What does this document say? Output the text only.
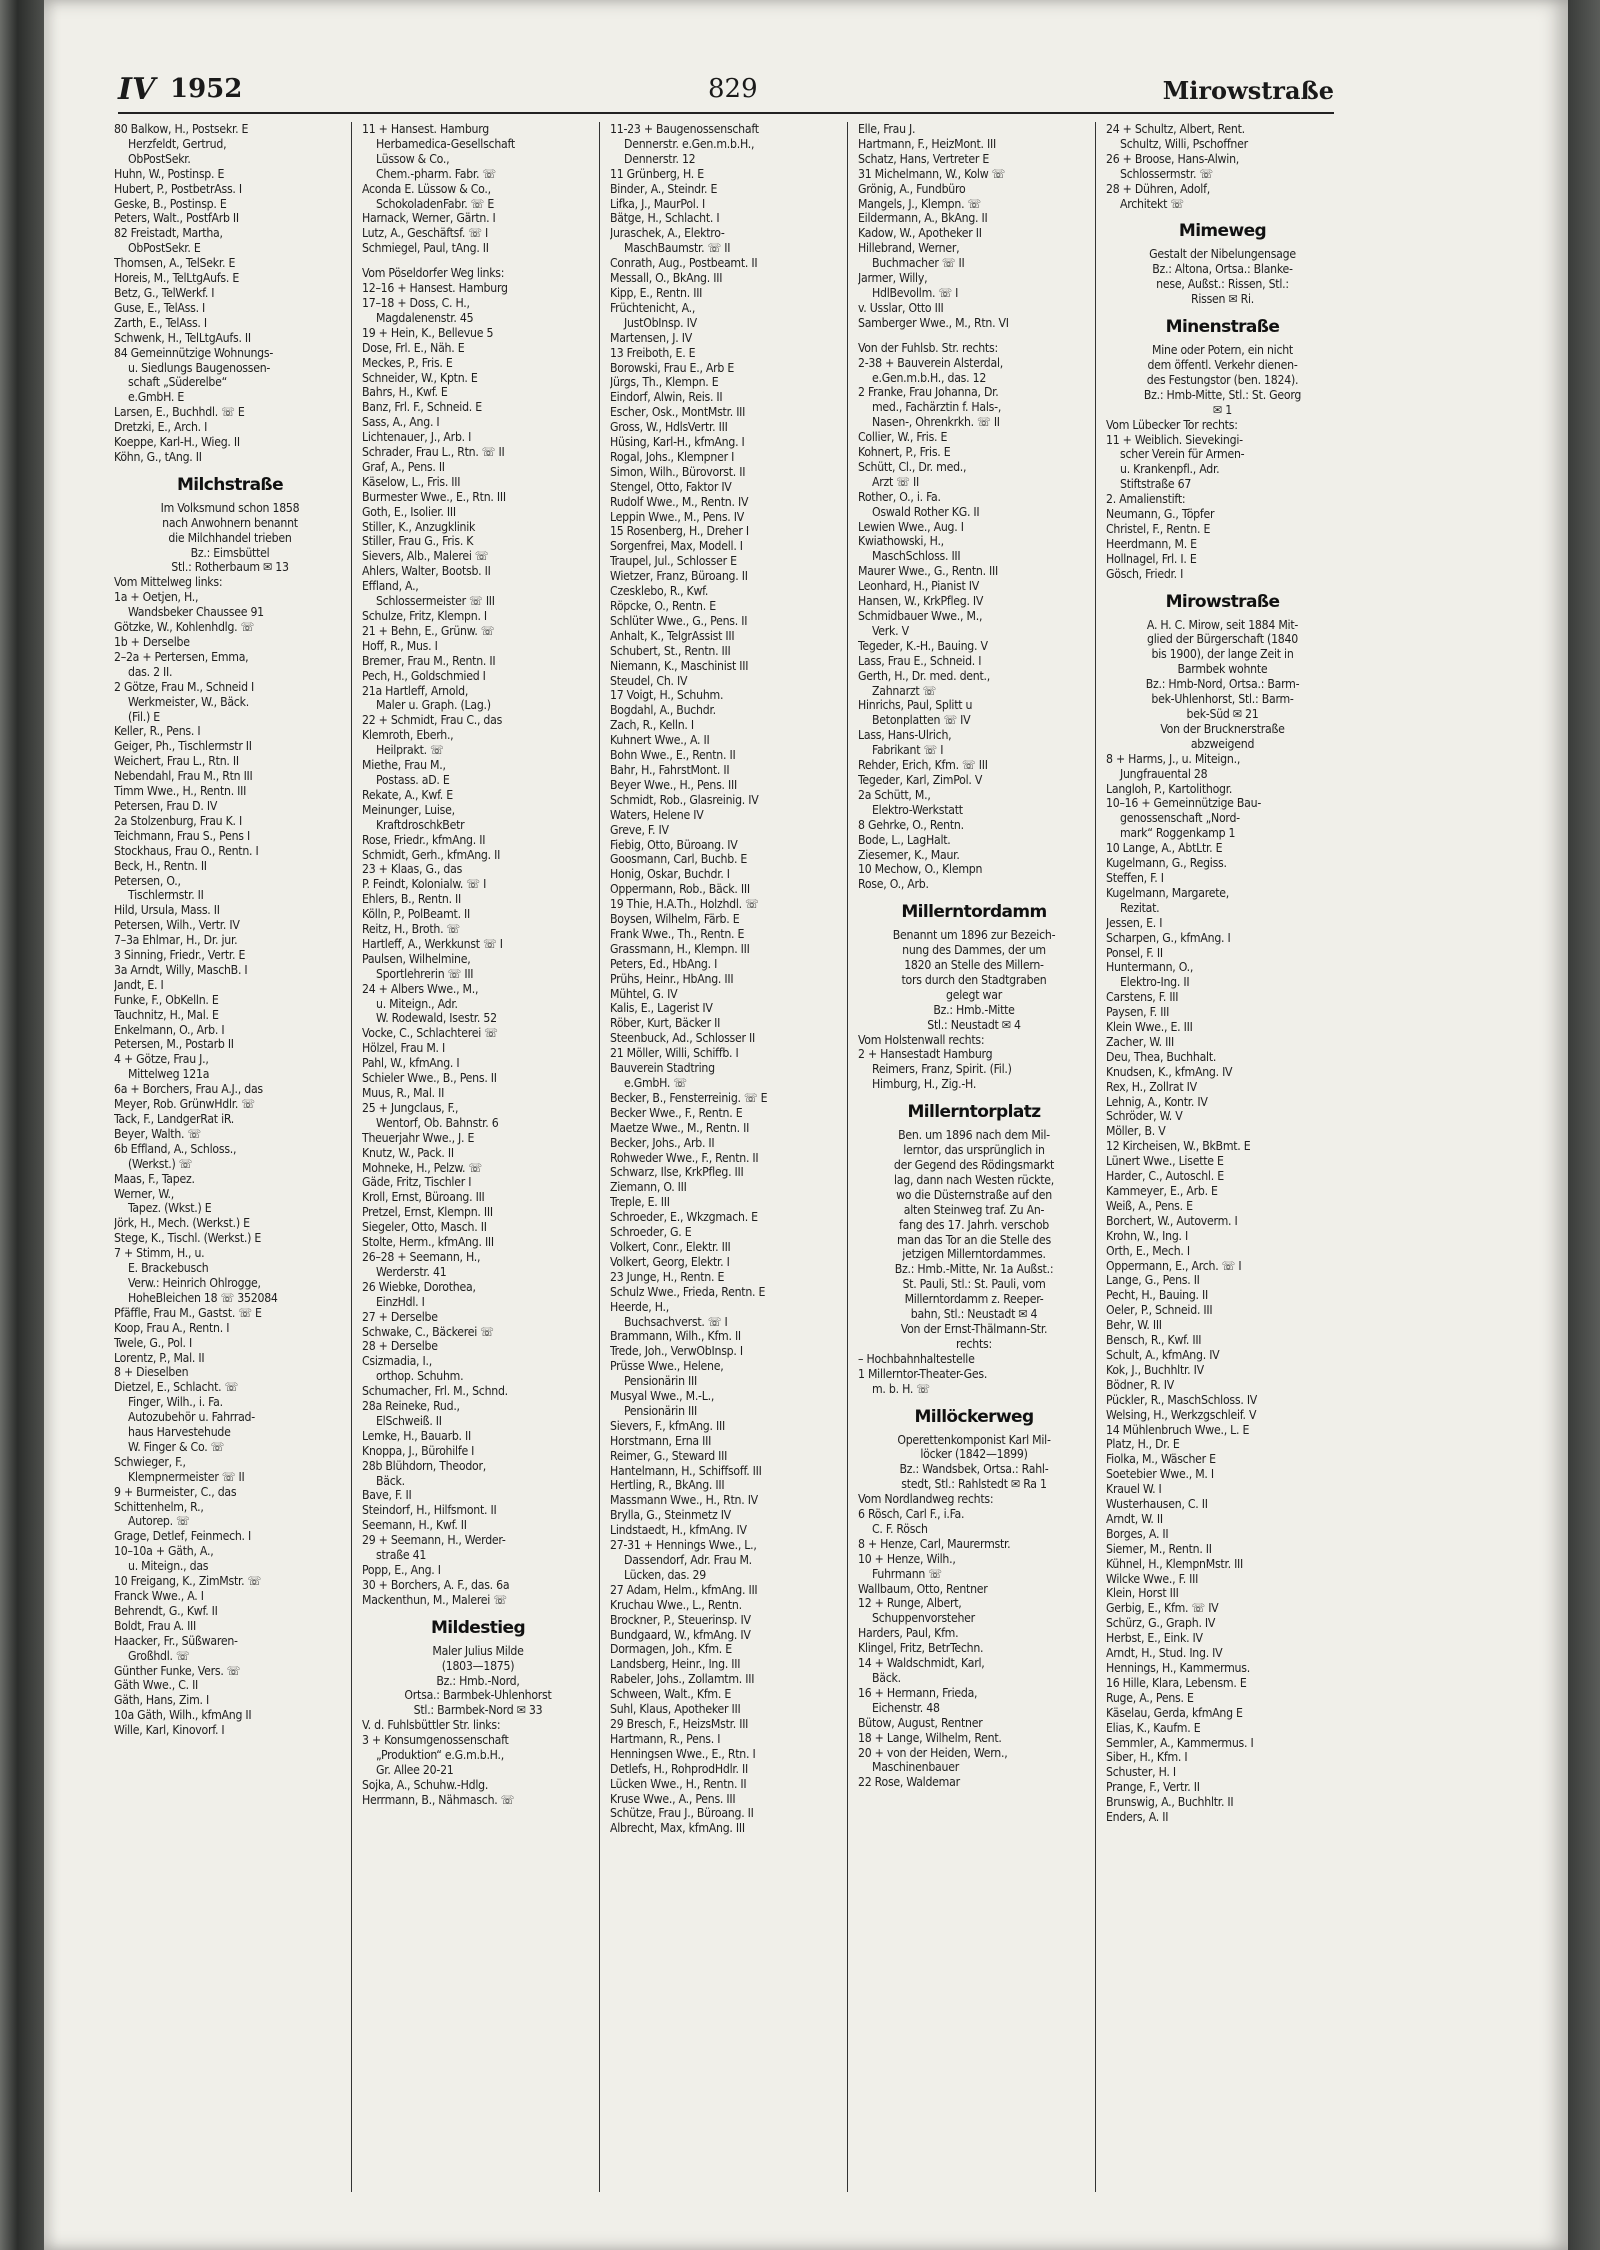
IV 1952	829	Mirowstraße
80 Balkow, H., Postsekr. E
Herzfeldt, Gertrud,
ObPostSekr.
Huhn, W., Postinsp. E
Hubert, P., PostbetrAss. I
Geske, B., Postinsp. E
Peters, Walt., PostfArb II
82 Freistadt, Martha,
ObPostSekr. E
Thomsen, A., TelSekr. E
Horeis, M., TelLtgAufs. E
Betz, G., TelWerkf. I
Guse, E., TelAss. I
Zarth, E., TelAss. I
Schwenk, H., TelLtgAufs. II
84 Gemeinnützige Wohnungs-
u. Siedlungs Baugenossen-
schaft „Süderelbe“
e.GmbH. E
Larsen, E., Buchhdl. ☏ E
Dretzki, E., Arch. I
Koeppe, Karl-H., Wieg. II
Köhn, G., tAng. II
Milchstraße
Im Volksmund schon 1858
nach Anwohnern benannt
die Milchhandel trieben
Bz.: Eimsbüttel
Stl.: Rotherbaum ✉ 13
Vom Mittelweg links:
1a + Oetjen, H.,
Wandsbeker Chaussee 91
Götzke, W., Kohlenhdlg. ☏
1b + Derselbe
2–2a + Pertersen, Emma,
das. 2 II.
2 Götze, Frau M., Schneid I
Werkmeister, W., Bäck.
(Fil.) E
Keller, R., Pens. I
Geiger, Ph., Tischlermstr II
Weichert, Frau L., Rtn. II
Nebendahl, Frau M., Rtn III
Timm Wwe., H., Rentn. III
Petersen, Frau D. IV
2a Stolzenburg, Frau K. I
Teichmann, Frau S., Pens I
Stockhaus, Frau O., Rentn. I
Beck, H., Rentn. II
Petersen, O.,
Tischlermstr. II
Hild, Ursula, Mass. II
Petersen, Wilh., Vertr. IV
7–3a Ehlmar, H., Dr. jur.
3 Sinning, Friedr., Vertr. E
3a Arndt, Willy, MaschB. I
Jandt, E. I
Funke, F., ObKelln. E
Tauchnitz, H., Mal. E
Enkelmann, O., Arb. I
Petersen, M., Postarb II
4 + Götze, Frau J.,
Mittelweg 121a
6a + Borchers, Frau A.J., das
Meyer, Rob. GrünwHdlr. ☏
Tack, F., LandgerRat iR.
Beyer, Walth. ☏
6b Effland, A., Schloss.,
(Werkst.) ☏
Maas, F., Tapez.
Werner, W.,
Tapez. (Wkst.) E
Jörk, H., Mech. (Werkst.) E
Stege, K., Tischl. (Werkst.) E
7 + Stimm, H., u.
E. Brackebusch
Verw.: Heinrich Ohlrogge,
HoheBleichen 18 ☏ 352084
Pfäffle, Frau M., Gastst. ☏ E
Koop, Frau A., Rentn. I
Twele, G., Pol. I
Lorentz, P., Mal. II
8 + Dieselben
Dietzel, E., Schlacht. ☏
Finger, Wilh., i. Fa.
Autozubehör u. Fahrrad-
haus Harvestehude
W. Finger & Co. ☏
Schwieger, F.,
Klempnermeister ☏ II
9 + Burmeister, C., das
Schittenhelm, R.,
Autorep. ☏
Grage, Detlef, Feinmech. I
10–10a + Gäth, A.,
u. Miteign., das
10 Freigang, K., ZimMstr. ☏
Franck Wwe., A. I
Behrendt, G., Kwf. II
Boldt, Frau A. III
Haacker, Fr., Süßwaren-
Großhdl. ☏
Günther Funke, Vers. ☏
Gäth Wwe., C. II
Gäth, Hans, Zim. I
10a Gäth, Wilh., kfmAng II
Wille, Karl, Kinovorf. I
11 + Hansest. Hamburg
Herbamedica-Gesellschaft
Lüssow & Co.,
Chem.-pharm. Fabr. ☏
Aconda E. Lüssow & Co.,
SchokoladenFabr. ☏ E
Harnack, Werner, Gärtn. I
Lutz, A., Geschäftsf. ☏ I
Schmiegel, Paul, tAng. II
Vom Pöseldorfer Weg links:
12–16 + Hansest. Hamburg
17–18 + Doss, C. H.,
Magdalenenstr. 45
19 + Hein, K., Bellevue 5
Dose, Frl. E., Näh. E
Meckes, P., Fris. E
Schneider, W., Kptn. E
Bahrs, H., Kwf. E
Banz, Frl. F., Schneid. E
Sass, A., Ang. I
Lichtenauer, J., Arb. I
Schrader, Frau L., Rtn. ☏ II
Graf, A., Pens. II
Käselow, L., Fris. III
Burmester Wwe., E., Rtn. III
Goth, E., Isolier. III
Stiller, K., Anzugklinik
Stiller, Frau G., Fris. K
Sievers, Alb., Malerei ☏
Ahlers, Walter, Bootsb. II
Effland, A.,
Schlossermeister ☏ III
Schulze, Fritz, Klempn. I
21 + Behn, E., Grünw. ☏
Hoff, R., Mus. I
Bremer, Frau M., Rentn. II
Pech, H., Goldschmied I
21a Hartleff, Arnold,
Maler u. Graph. (Lag.)
22 + Schmidt, Frau C., das
Klemroth, Eberh.,
Heilprakt. ☏
Miethe, Frau M.,
Postass. aD. E
Rekate, A., Kwf. E
Meinunger, Luise,
KraftdroschkBetr
Rose, Friedr., kfmAng. II
Schmidt, Gerh., kfmAng. II
23 + Klaas, G., das
P. Feindt, Kolonialw. ☏ I
Ehlers, B., Rentn. II
Kölln, P., PolBeamt. II
Reitz, H., Broth. ☏
Hartleff, A., Werkkunst ☏ I
Paulsen, Wilhelmine,
Sportlehrerin ☏ III
24 + Albers Wwe., M.,
u. Miteign., Adr.
W. Rodewald, Isestr. 52
Vocke, C., Schlachterei ☏
Hölzel, Frau M. I
Pahl, W., kfmAng. I
Schieler Wwe., B., Pens. II
Muus, R., Mal. II
25 + Jungclaus, F.,
Wentorf, Ob. Bahnstr. 6
Theuerjahr Wwe., J. E
Knutz, W., Pack. II
Mohneke, H., Pelzw. ☏
Gäde, Fritz, Tischler I
Kroll, Ernst, Büroang. III
Pretzel, Ernst, Klempn. III
Siegeler, Otto, Masch. II
Stolte, Herm., kfmAng. III
26–28 + Seemann, H.,
Werderstr. 41
26 Wiebke, Dorothea,
EinzHdl. I
27 + Derselbe
Schwake, C., Bäckerei ☏
28 + Derselbe
Csizmadia, I.,
orthop. Schuhm.
Schumacher, Frl. M., Schnd.
28a Reineke, Rud.,
ElSchweiß. II
Lemke, H., Bauarb. II
Knoppa, J., Bürohilfe I
28b Blühdorn, Theodor,
Bäck.
Bave, F. II
Steindorf, H., Hilfsmont. II
Seemann, H., Kwf. II
29 + Seemann, H., Werder-
straße 41
Popp, E., Ang. I
30 + Borchers, A. F., das. 6a
Mackenthun, M., Malerei ☏
Mildestieg
Maler Julius Milde
(1803—1875)
Bz.: Hmb.-Nord,
Ortsa.: Barmbek-Uhlenhorst
Stl.: Barmbek-Nord ✉ 33
V. d. Fuhlsbüttler Str. links:
3 + Konsumgenossenschaft
„Produktion“ e.G.m.b.H.,
Gr. Allee 20-21
Sojka, A., Schuhw.-Hdlg.
Herrmann, B., Nähmasch. ☏
11-23 + Baugenossenschaft
Dennerstr. e.Gen.m.b.H.,
Dennerstr. 12
11 Grünberg, H. E
Binder, A., Steindr. E
Lifka, J., MaurPol. I
Bätge, H., Schlacht. I
Juraschek, A., Elektro-
MaschBaumstr. ☏ II
Conrath, Aug., Postbeamt. II
Messall, O., BkAng. III
Kipp, E., Rentn. III
Früchtenicht, A.,
JustObInsp. IV
Martensen, J. IV
13 Freiboth, E. E
Borowski, Frau E., Arb E
Jürgs, Th., Klempn. E
Eindorf, Alwin, Reis. II
Escher, Osk., MontMstr. III
Gross, W., HdlsVertr. III
Hüsing, Karl-H., kfmAng. I
Rogal, Johs., Klempner I
Simon, Wilh., Bürovorst. II
Stengel, Otto, Faktor IV
Rudolf Wwe., M., Rentn. IV
Leppin Wwe., M., Pens. IV
15 Rosenberg, H., Dreher I
Sorgenfrei, Max, Modell. I
Traupel, Jul., Schlosser E
Wietzer, Franz, Büroang. II
Czesklebo, R., Kwf.
Röpcke, O., Rentn. E
Schlüter Wwe., G., Pens. II
Anhalt, K., TelgrAssist III
Schubert, St., Rentn. III
Niemann, K., Maschinist III
Steudel, Ch. IV
17 Voigt, H., Schuhm.
Bogdahl, A., Buchdr.
Zach, R., Kelln. I
Kuhnert Wwe., A. II
Bohn Wwe., E., Rentn. II
Bahr, H., FahrstMont. II
Beyer Wwe., H., Pens. III
Schmidt, Rob., Glasreinig. IV
Waters, Helene IV
Greve, F. IV
Fiebig, Otto, Büroang. IV
Goosmann, Carl, Buchb. E
Honig, Oskar, Buchdr. I
Oppermann, Rob., Bäck. III
19 Thie, H.A.Th., Holzhdl. ☏
Boysen, Wilhelm, Färb. E
Frank Wwe., Th., Rentn. E
Grassmann, H., Klempn. III
Peters, Ed., HbAng. I
Prühs, Heinr., HbAng. III
Mühtel, G. IV
Kalis, E., Lagerist IV
Röber, Kurt, Bäcker II
Steenbuck, Ad., Schlosser II
21 Möller, Willi, Schiffb. I
Bauverein Stadtring
e.GmbH. ☏
Becker, B., Fensterreinig. ☏ E
Becker Wwe., F., Rentn. E
Maetze Wwe., M., Rentn. II
Becker, Johs., Arb. II
Rohweder Wwe., F., Rentn. II
Schwarz, Ilse, KrkPfleg. III
Ziemann, O. III
Treple, E. III
Schroeder, E., Wkzgmach. E
Schroeder, G. E
Volkert, Conr., Elektr. III
Volkert, Georg, Elektr. I
23 Junge, H., Rentn. E
Schulz Wwe., Frieda, Rentn. E
Heerde, H.,
Buchsachverst. ☏ I
Brammann, Wilh., Kfm. II
Trede, Joh., VerwObInsp. I
Prüsse Wwe., Helene,
Pensionärin III
Musyal Wwe., M.-L.,
Pensionärin III
Sievers, F., kfmAng. III
Horstmann, Erna III
Reimer, G., Steward III
Hantelmann, H., Schiffsoff. III
Hertling, R., BkAng. III
Massmann Wwe., H., Rtn. IV
Brylla, G., Steinmetz IV
Lindstaedt, H., kfmAng. IV
27-31 + Hennings Wwe., L.,
Dassendorf, Adr. Frau M.
Lücken, das. 29
27 Adam, Helm., kfmAng. III
Kruchau Wwe., L., Rentn.
Brockner, P., Steuerinsp. IV
Bundgaard, W., kfmAng. IV
Dormagen, Joh., Kfm. E
Landsberg, Heinr., Ing. III
Rabeler, Johs., Zollamtm. III
Schween, Walt., Kfm. E
Suhl, Klaus, Apotheker III
29 Bresch, F., HeizsMstr. III
Hartmann, R., Pens. I
Henningsen Wwe., E., Rtn. I
Detlefs, H., RohprodHdlr. II
Lücken Wwe., H., Rentn. II
Kruse Wwe., A., Pens. III
Schütze, Frau J., Büroang. II
Albrecht, Max, kfmAng. III
Elle, Frau J.
Hartmann, F., HeizMont. III
Schatz, Hans, Vertreter E
31 Michelmann, W., Kolw ☏
Grönig, A., Fundbüro
Mangels, J., Klempn. ☏
Eildermann, A., BkAng. II
Kadow, W., Apotheker II
Hillebrand, Werner,
Buchmacher ☏ II
Jarmer, Willy,
HdlBevollm. ☏ I
v. Usslar, Otto III
Samberger Wwe., M., Rtn. VI
Von der Fuhlsb. Str. rechts:
2-38 + Bauverein Alsterdal,
e.Gen.m.b.H., das. 12
2 Franke, Frau Johanna, Dr.
med., Fachärztin f. Hals-,
Nasen-, Ohrenkrkh. ☏ II
Collier, W., Fris. E
Kohnert, P., Fris. E
Schütt, Cl., Dr. med.,
Arzt ☏ II
Rother, O., i. Fa.
Oswald Rother KG. II
Lewien Wwe., Aug. I
Kwiathowski, H.,
MaschSchloss. III
Maurer Wwe., G., Rentn. III
Leonhard, H., Pianist IV
Hansen, W., KrkPfleg. IV
Schmidbauer Wwe., M.,
Verk. V
Tegeder, K.-H., Bauing. V
Lass, Frau E., Schneid. I
Gerth, H., Dr. med. dent.,
Zahnarzt ☏
Hinrichs, Paul, Splitt u
Betonplatten ☏ IV
Lass, Hans-Ulrich,
Fabrikant ☏ I
Rehder, Erich, Kfm. ☏ III
Tegeder, Karl, ZimPol. V
2a Schütt, M.,
Elektro-Werkstatt
8 Gehrke, O., Rentn.
Bode, L., LagHalt.
Ziesemer, K., Maur.
10 Mechow, O., Klempn
Rose, O., Arb.
Millerntordamm
Benannt um 1896 zur Bezeich-
nung des Dammes, der um
1820 an Stelle des Millern-
tors durch den Stadtgraben
gelegt war
Bz.: Hmb.-Mitte
Stl.: Neustadt ✉ 4
Vom Holstenwall rechts:
2 + Hansestadt Hamburg
Reimers, Franz, Spirit. (Fil.)
Himburg, H., Zig.-H.
Millerntorplatz
Ben. um 1896 nach dem Mil-
lerntor, das ursprünglich in
der Gegend des Rödingsmarkt
lag, dann nach Westen rückte,
wo die Düsternstraße auf den
alten Steinweg traf. Zu An-
fang des 17. Jahrh. verschob
man das Tor an die Stelle des
jetzigen Millerntordammes.
Bz.: Hmb.-Mitte, Nr. 1a Außst.:
St. Pauli, Stl.: St. Pauli, vom
Millerntordamm z. Reeper-
bahn, Stl.: Neustadt ✉ 4
Von der Ernst-Thälmann-Str.
rechts:
– Hochbahnhaltestelle
1 Millerntor-Theater-Ges.
m. b. H. ☏
Millöckerweg
Operettenkomponist Karl Mil-
löcker (1842—1899)
Bz.: Wandsbek, Ortsa.: Rahl-
stedt, Stl.: Rahlstedt ✉ Ra 1
Vom Nordlandweg rechts:
6 Rösch, Carl F., i.Fa.
C. F. Rösch
8 + Henze, Carl, Maurermstr.
10 + Henze, Wilh.,
Fuhrmann ☏
Wallbaum, Otto, Rentner
12 + Runge, Albert,
Schuppenvorsteher
Harders, Paul, Kfm.
Klingel, Fritz, BetrTechn.
14 + Waldschmidt, Karl,
Bäck.
16 + Hermann, Frieda,
Eichenstr. 48
Bütow, August, Rentner
18 + Lange, Wilhelm, Rent.
20 + von der Heiden, Wern.,
Maschinenbauer
22 Rose, Waldemar
24 + Schultz, Albert, Rent.
Schultz, Willi, Pschoffner
26 + Broose, Hans-Alwin,
Schlossermstr. ☏
28 + Dühren, Adolf,
Architekt ☏
Mimeweg
Gestalt der Nibelungensage
Bz.: Altona, Ortsa.: Blanke-
nese, Außst.: Rissen, Stl.:
Rissen ✉ Ri.
Minenstraße
Mine oder Potern, ein nicht
dem öffentl. Verkehr dienen-
des Festungstor (ben. 1824).
Bz.: Hmb-Mitte, Stl.: St. Georg
✉ 1
Vom Lübecker Tor rechts:
11 + Weiblich. Sievekingi-
scher Verein für Armen-
u. Krankenpfl., Adr.
Stiftstraße 67
2. Amalienstift:
Neumann, G., Töpfer
Christel, F., Rentn. E
Heerdmann, M. E
Hollnagel, Frl. I. E
Gösch, Friedr. I
Mirowstraße
A. H. C. Mirow, seit 1884 Mit-
glied der Bürgerschaft (1840
bis 1900), der lange Zeit in
Barmbek wohnte
Bz.: Hmb-Nord, Ortsa.: Barm-
bek-Uhlenhorst, Stl.: Barm-
bek-Süd ✉ 21
Von der Brucknerstraße
abzweigend
8 + Harms, J., u. Miteign.,
Jungfrauental 28
Langloh, P., Kartolithogr.
10–16 + Gemeinnützige Bau-
genossenschaft „Nord-
mark“ Roggenkamp 1
10 Lange, A., AbtLtr. E
Kugelmann, G., Regiss.
Steffen, F. I
Kugelmann, Margarete,
Rezitat.
Jessen, E. I
Scharpen, G., kfmAng. I
Ponsel, F. II
Huntermann, O.,
Elektro-Ing. II
Carstens, F. III
Paysen, F. III
Klein Wwe., E. III
Zacher, W. III
Deu, Thea, Buchhalt.
Knudsen, K., kfmAng. IV
Rex, H., Zollrat IV
Lehnig, A., Kontr. IV
Schröder, W. V
Möller, B. V
12 Kircheisen, W., BkBmt. E
Lünert Wwe., Lisette E
Harder, C., Autoschl. E
Kammeyer, E., Arb. E
Weiß, A., Pens. E
Borchert, W., Autoverm. I
Krohn, W., Ing. I
Orth, E., Mech. I
Oppermann, E., Arch. ☏ I
Lange, G., Pens. II
Pecht, H., Bauing. II
Oeler, P., Schneid. III
Behr, W. III
Bensch, R., Kwf. III
Schult, A., kfmAng. IV
Kok, J., Buchhltr. IV
Bödner, R. IV
Pückler, R., MaschSchloss. IV
Welsing, H., Werkzgschleif. V
14 Mühlenbruch Wwe., L. E
Platz, H., Dr. E
Fiolka, M., Wäscher E
Soetebier Wwe., M. I
Krauel W. I
Wusterhausen, C. II
Arndt, W. II
Borges, A. II
Siemer, M., Rentn. II
Kühnel, H., KlempnMstr. III
Wilcke Wwe., F. III
Klein, Horst III
Gerbig, E., Kfm. ☏ IV
Schürz, G., Graph. IV
Herbst, E., Eink. IV
Arndt, H., Stud. Ing. IV
Hennings, H., Kammermus.
16 Hille, Klara, Lebensm. E
Ruge, A., Pens. E
Käselau, Gerda, kfmAng E
Elias, K., Kaufm. E
Semmler, A., Kammermus. I
Siber, H., Kfm. I
Schuster, H. I
Prange, F., Vertr. II
Brunswig, A., Buchhltr. II
Enders, A. II
